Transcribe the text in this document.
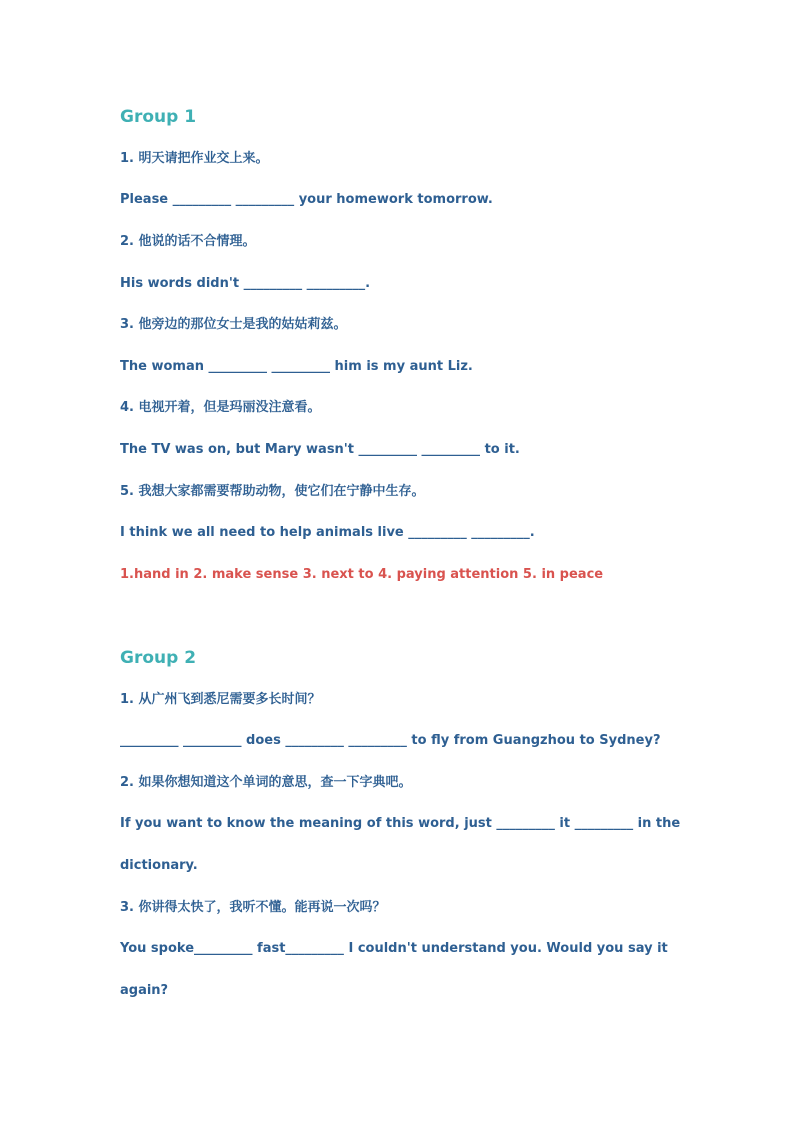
Group 1
1. 明天请把作业交上来。
Please _________ _________ your homework tomorrow.
2. 他说的话不合情理。
His words didn't _________ _________.
3. 他旁边的那位女士是我的姑姑莉兹。
The woman _________ _________ him is my aunt Liz.
4. 电视开着，但是玛丽没注意看。
The TV was on, but Mary wasn't _________ _________ to it.
5. 我想大家都需要帮助动物，使它们在宁静中生存。
I think we all need to help animals live _________ _________.
1.hand in 2. make sense 3. next to 4. paying attention 5. in peace
Group 2
1. 从广州飞到悉尼需要多长时间？
_________ _________ does _________ _________ to fly from Guangzhou to Sydney?
2. 如果你想知道这个单词的意思，查一下字典吧。
If you want to know the meaning of this word, just _________ it _________ in the
dictionary.
3. 你讲得太快了，我听不懂。能再说一次吗？
You spoke_________ fast_________ I couldn't understand you. Would you say it
again?
